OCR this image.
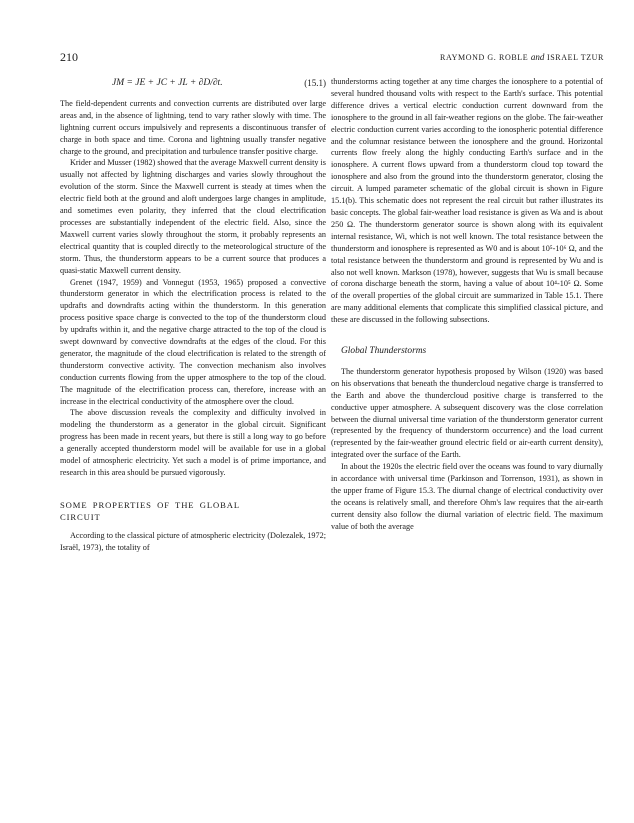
210	RAYMOND G. ROBLE and ISRAEL TZUR
JM = JE + JC + JL + ∂D/∂t.	(15.1)

The field-dependent currents and convection currents are distributed over large areas and, in the absence of lightning, tend to vary rather slowly with time. The lightning current occurs impulsively and represents a discontinuous transfer of charge in both space and time. Corona and lightning usually transfer negative charge to the ground, and precipitation and turbulence transfer positive charge.

Krider and Musser (1982) showed that the average Maxwell current density is usually not affected by lightning discharges and varies slowly throughout the evolution of the storm. Since the Maxwell current is steady at times when the electric field both at the ground and aloft undergoes large changes in amplitude, and sometimes even polarity, they inferred that the cloud electrification processes are substantially independent of the electric field. Also, since the Maxwell current varies slowly throughout the storm, it probably represents an electrical quantity that is coupled directly to the meteorological structure of the storm. Thus, the thunderstorm appears to be a current source that produces a quasi-static Maxwell current density.

Grenet (1947, 1959) and Vonnegut (1953, 1965) proposed a convective thunderstorm generator in which the electrification process is related to the updrafts and downdrafts acting within the thunderstorm. In this generation process positive space charge is convected to the top of the thunderstorm cloud by updrafts within it, and the negative charge attracted to the top of the cloud is swept downward by convective downdrafts at the edges of the cloud. For this generator, the magnitude of the cloud electrification is related to the strength of thunderstorm convective activity. The convection mechanism also involves conduction currents flowing from the upper atmosphere to the top of the cloud. The magnitude of the electrification process can, therefore, increase with an increase in the electrical conductivity of the atmosphere over the cloud.

The above discussion reveals the complexity and difficulty involved in modeling the thunderstorm as a generator in the global circuit. Significant progress has been made in recent years, but there is still a long way to go before a generally accepted thunderstorm model will be available for use in a global model of atmospheric electricity. Yet such a model is of prime importance, and research in this area should be pursued vigorously.

SOME PROPERTIES OF THE GLOBAL CIRCUIT

According to the classical picture of atmospheric electricity (Dolezalek, 1972; Israël, 1973), the totality of

thunderstorms acting together at any time charges the ionosphere to a potential of several hundred thousand volts with respect to the Earth's surface. This potential difference drives a vertical electric conduction current downward from the ionosphere to the ground in all fair-weather regions on the globe. The fair-weather electric conduction current varies according to the ionospheric potential difference and the columnar resistance between the ionosphere and the ground. Horizontal currents flow freely along the highly conducting Earth's surface and in the ionosphere. A current flows upward from a thunderstorm cloud top toward the ionosphere and also from the ground into the thunderstorm generator, closing the circuit. A lumped parameter schematic of the global circuit is shown in Figure 15.1(b). This schematic does not represent the real circuit but rather illustrates its basic concepts. The global fair-weather load resistance is given as Wa and is about 250 Ω. The thunderstorm generator source is shown along with its equivalent internal resistance, Wi, which is not well known. The total resistance between the thunderstorm and ionosphere is represented as W0 and is about 10⁵-10⁶ Ω, and the total resistance between the thunderstorm and ground is represented by Wu and is also not well known. Markson (1978), however, suggests that Wu is small because of corona discharge beneath the storm, having a value of about 10⁴-10⁵ Ω. Some of the overall properties of the global circuit are summarized in Table 15.1. There are many additional elements that complicate this simplified classical picture, and these are discussed in the following subsections.

Global Thunderstorms

The thunderstorm generator hypothesis proposed by Wilson (1920) was based on his observations that beneath the thundercloud negative charge is transferred to the Earth and above the thundercloud positive charge is transferred to the conductive upper atmosphere. A subsequent discovery was the close correlation between the diurnal universal time variation of the thunderstorm generator current (represented by the frequency of thunderstorm occurrence) and the load current (represented by the fair-weather ground electric field or air-earth current density), integrated over the surface of the Earth.

In about the 1920s the electric field over the oceans was found to vary diurnally in accordance with universal time (Parkinson and Torrenson, 1931), as shown in the upper frame of Figure 15.3. The diurnal change of electrical conductivity over the oceans is relatively small, and therefore Ohm's law requires that the air-earth current density also follow the diurnal variation of electric field. The maximum value of both the average
